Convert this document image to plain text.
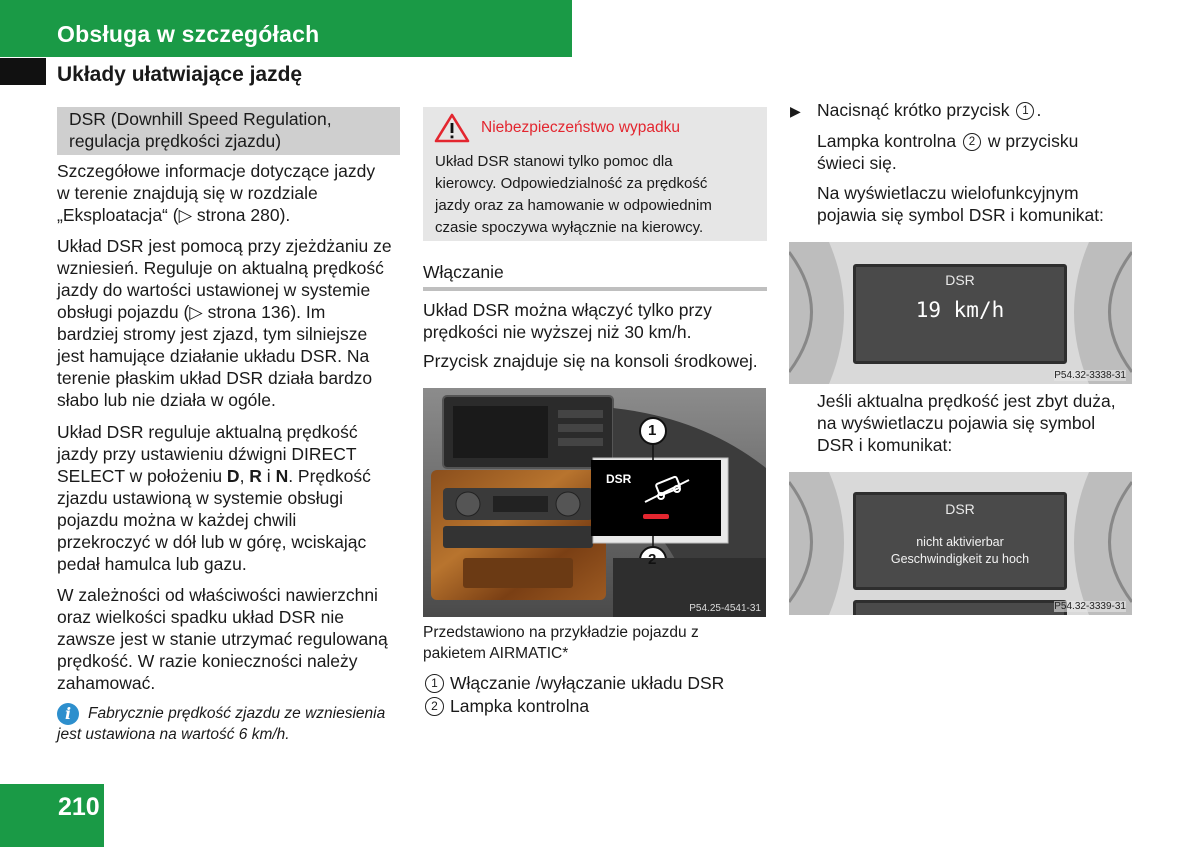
Obsługa w szczegółach
Układy ułatwiające jazdę
DSR (Downhill Speed Regulation,
regulacja prędkości zjazdu)
Szczegółowe informacje dotyczące jazdy
w terenie znajdują się w rozdziale
„Eksploatacja“ (▷ strona 280).
Układ DSR jest pomocą przy zjeżdżaniu ze
wzniesień. Reguluje on aktualną prędkość
jazdy do wartości ustawionej w systemie
obsługi pojazdu (▷ strona 136). Im
bardziej stromy jest zjazd, tym silniejsze
jest hamujące działanie układu DSR. Na
terenie płaskim układ DSR działa bardzo
słabo lub nie działa w ogóle.
Układ DSR reguluje aktualną prędkość
jazdy przy ustawieniu dźwigni DIRECT
SELECT w położeniu D, R i N. Prędkość
zjazdu ustawioną w systemie obsługi
pojazdu można w każdej chwili
przekroczyć w dół lub w górę, wciskając
pedał hamulca lub gazu.
W zależności od właściwości nawierzchni
oraz wielkości spadku układ DSR nie
zawsze jest w stanie utrzymać regulowaną
prędkość. W razie konieczności należy
zahamować.
Fabrycznie prędkość zjazdu ze wzniesienia jest ustawiona na wartość 6 km/h.
i
210
Niebezpieczeństwo wypadku
Układ DSR stanowi tylko pomoc dla
kierowcy. Odpowiedzialność za prędkość
jazdy oraz za hamowanie w odpowiednim
czasie spoczywa wyłącznie na kierowcy.
Włączanie
Układ DSR można włączyć tylko przy
prędkości nie wyższej niż 30 km/h.
Przycisk znajduje się na konsoli środkowej.
DSR
1
2
P54.25-4541-31
Przedstawiono na przykładzie pojazdu z
pakietem AIRMATIC*
1 Włączanie /wyłączanie układu DSR
2 Lampka kontrolna
▶ Nacisnąć krótko przycisk 1 .
Lampka kontrolna 2 w przycisku
świeci się.
Na wyświetlaczu wielofunkcyjnym
pojawia się symbol DSR i komunikat:
DSR
19 km/h
P54.32-3338-31
Jeśli aktualna prędkość jest zbyt duża,
na wyświetlaczu pojawia się symbol
DSR i komunikat:
DSR
nicht aktivierbar
Geschwindigkeit zu hoch
P54.32-3339-31
